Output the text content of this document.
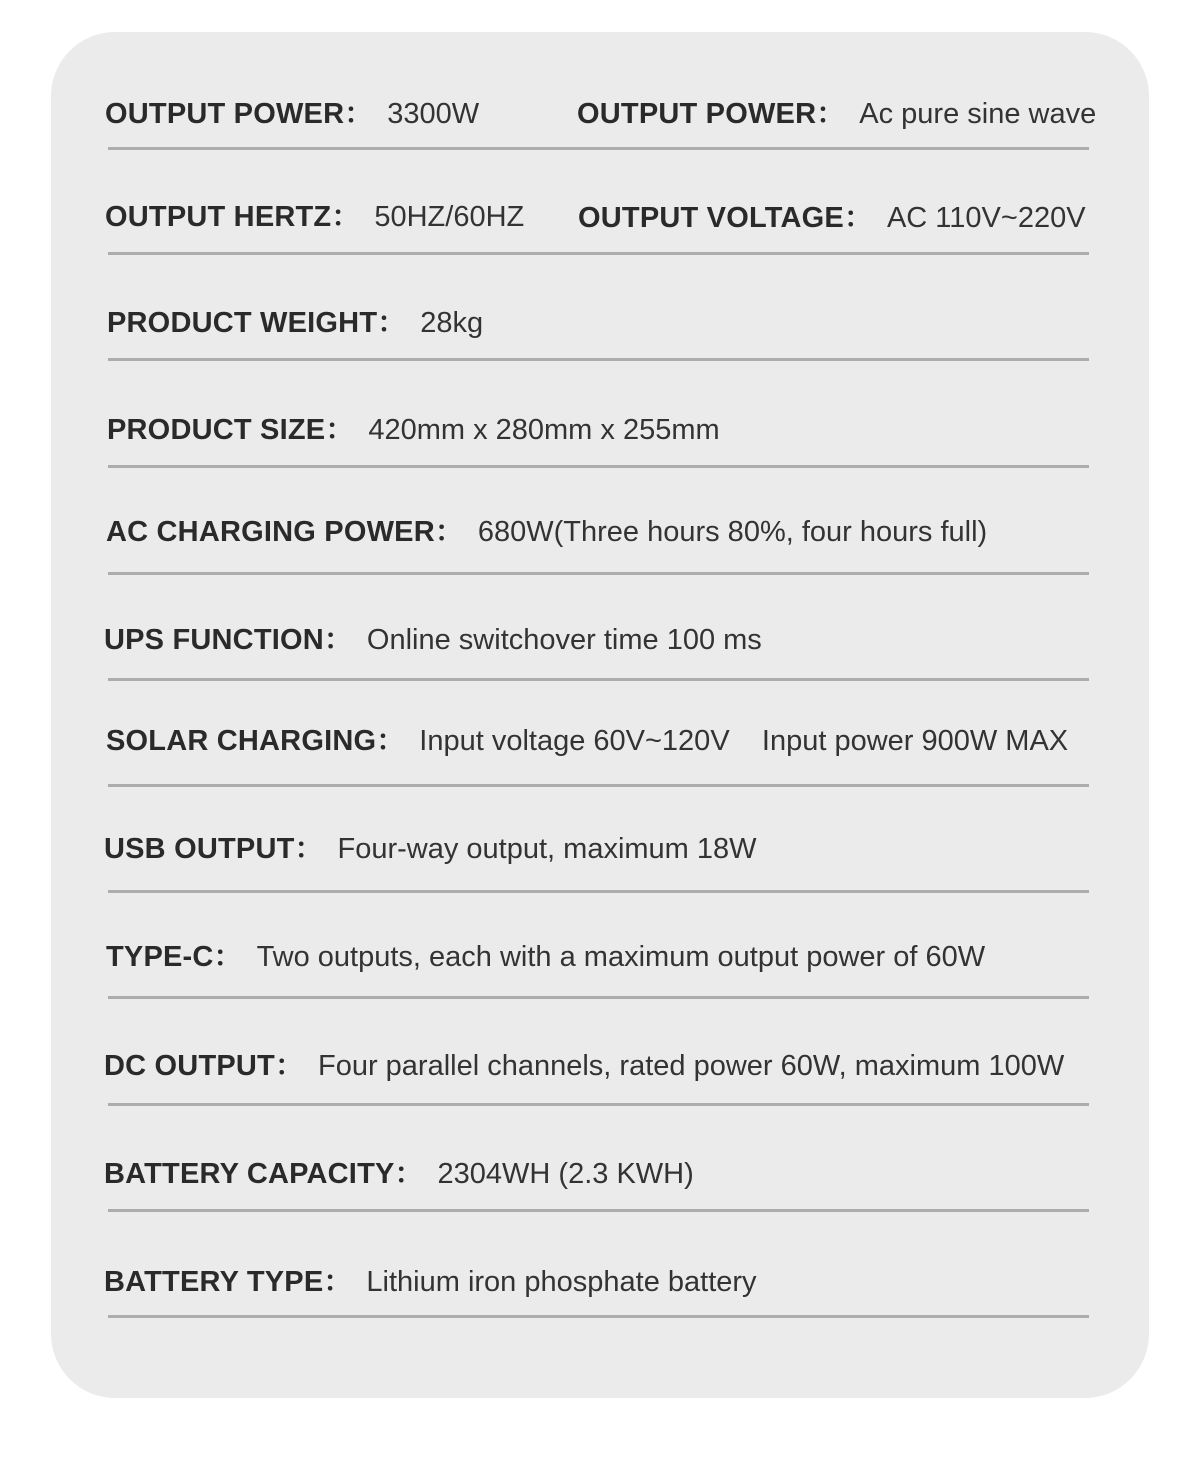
OUTPUT POWER： 3300W	OUTPUT POWER： Ac pure sine wave
OUTPUT HERTZ： 50HZ/60HZ OUTPUT VOLTAGE： AC 110V~220V
PRODUCT WEIGHT： 28kg
PRODUCT SIZE： 420mm x 280mm x 255mm
AC CHARGING POWER： 680W(Three hours 80%, four hours full)
UPS FUNCTION： Online switchover time 100 ms
SOLAR CHARGING： Input voltage 60V~120V    Input power 900W MAX
USB OUTPUT： Four-way output, maximum 18W
TYPE-C： Two outputs, each with a maximum output power of 60W
DC OUTPUT： Four parallel channels, rated power 60W, maximum 100W
BATTERY CAPACITY： 2304WH (2.3 KWH)
BATTERY TYPE： Lithium iron phosphate battery
